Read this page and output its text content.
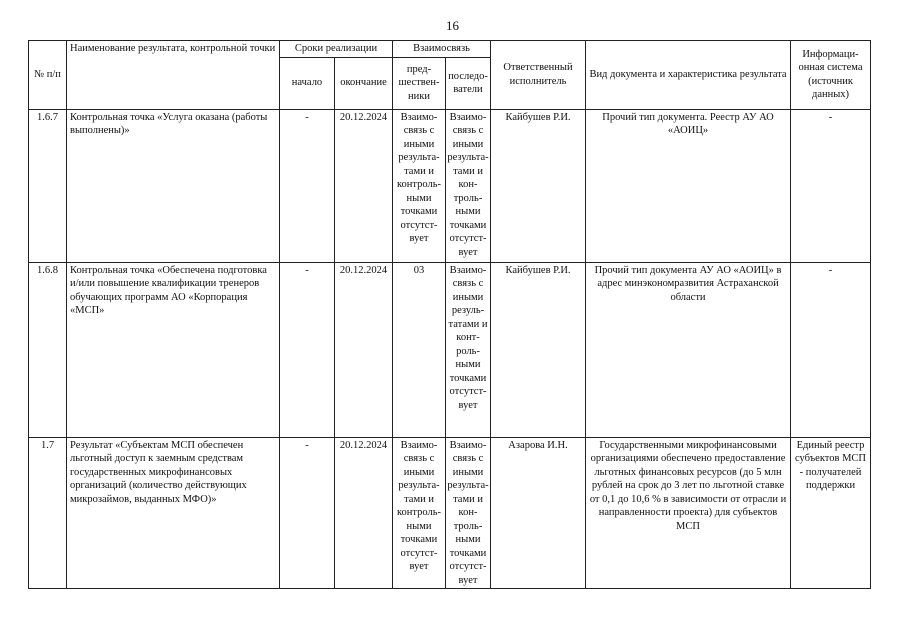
16
№ п/п	Наименование результата, контрольной точки	Сроки реализации		Взаимосвязь		Ответственный исполнитель	Вид документа и характеристика результата	Информационная система (источник данных)
		начало	окончание	предшественники	последователи			
1.6.7	Контрольная точка «Услуга оказана (работы выполнены)»	-	20.12.2024	Взаимосвязь с иными результатами и контрольными точками отсутствует	Взаимосвязь с иными результатами и контрольными точками отсутствует	Кайбушев Р.И.	Прочий тип документа. Реестр АУ АО «АОИЦ»	-
1.6.8	Контрольная точка «Обеспечена подготовка и/или повышение квалификации тренеров обучающих программ АО «Корпорация «МСП»	-	20.12.2024	03	Взаимосвязь с иными результатами и контрольными точками отсутствует	Кайбушев Р.И.	Прочий тип документа АУ АО «АОИЦ» в адрес минэкономразвития Астраханской области	-
1.7	Результат «Субъектам МСП обеспечен льготный доступ к заемным средствам государственных микрофинансовых организаций (количество действующих микрозаймов, выданных МФО)»	-	20.12.2024	Взаимосвязь с иными результатами и контрольными точками отсутствует	Взаимосвязь с иными результатами и контрольными точками отсутствует	Азарова И.Н.	Государственными микрофинансовыми организациями обеспечено предоставление льготных финансовых ресурсов (до 5 млн рублей на срок до 3 лет по льготной ставке от 0,1 до 10,6 % в зависимости от отрасли и направленности проекта) для субъектов МСП	Единый реестр субъектов МСП - получателей поддержки
